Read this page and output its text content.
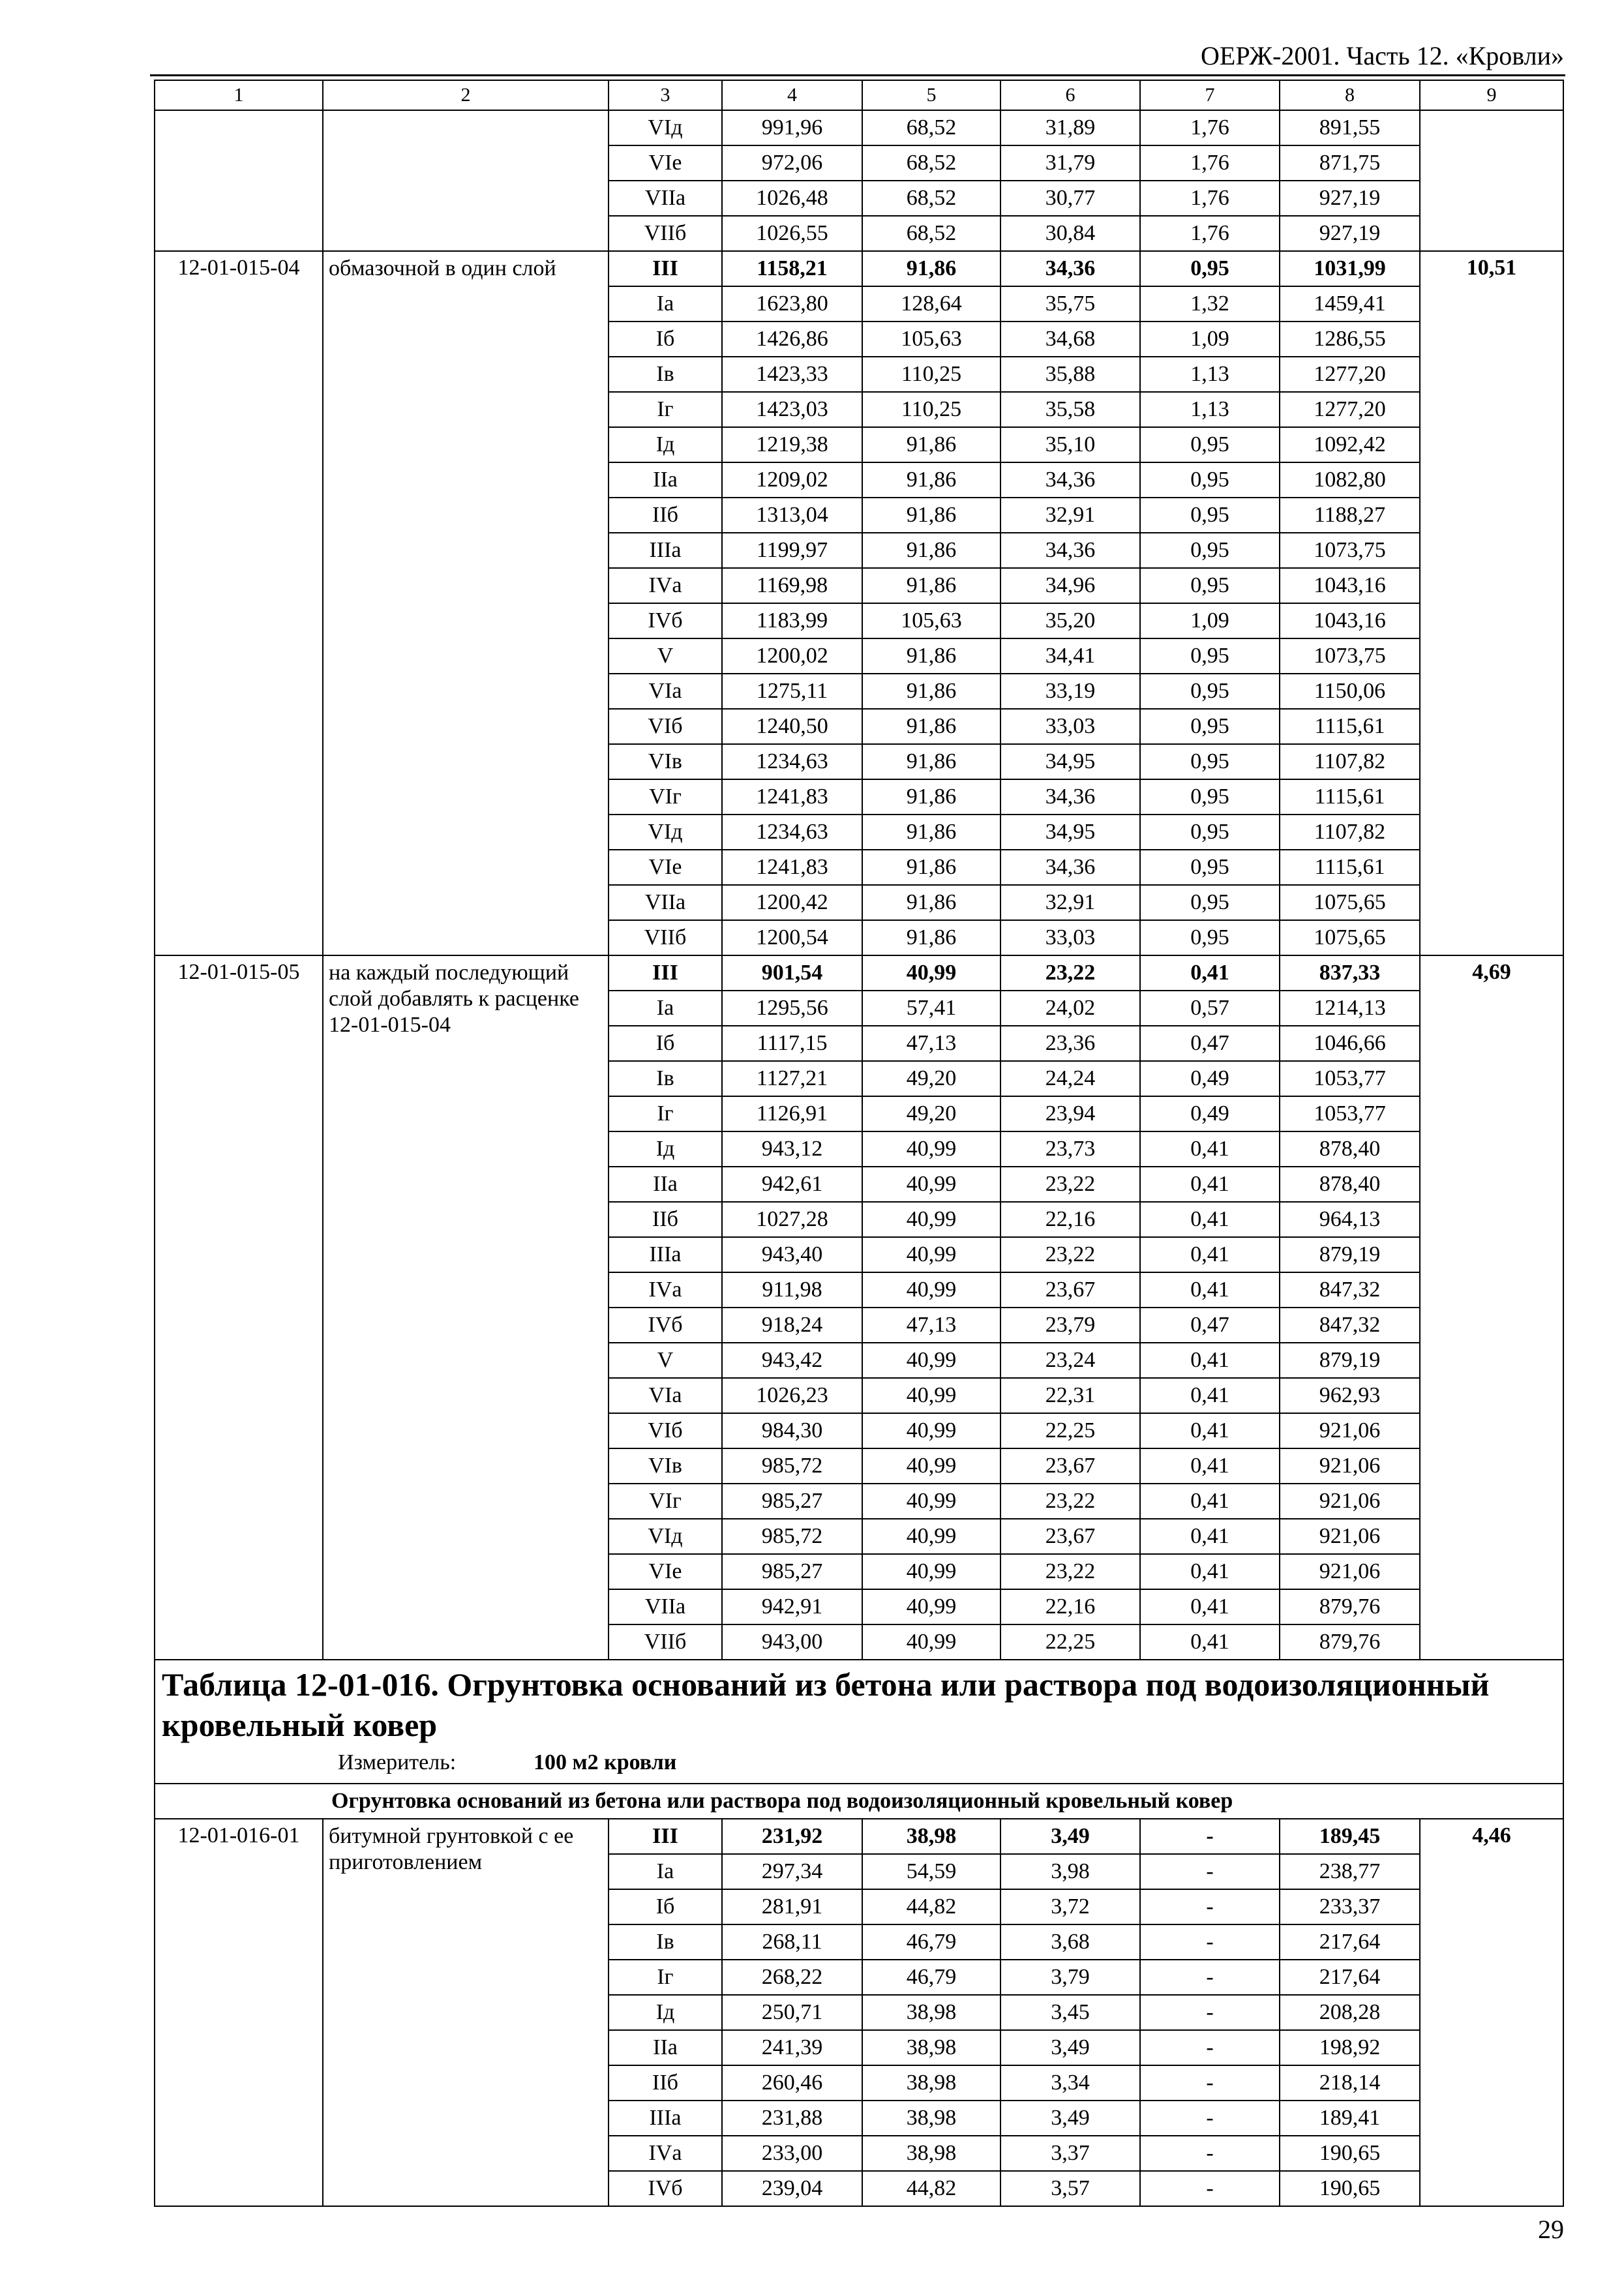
ОЕРЖ-2001. Часть 12. «Кровли»
1	2	3	4	5	6	7	8	9
		VIд	991,96	68,52	31,89	1,76	891,55	
		VIе	972,06	68,52	31,79	1,76	871,75	
		VIIа	1026,48	68,52	30,77	1,76	927,19	
		VIIб	1026,55	68,52	30,84	1,76	927,19	
12-01-015-04	обмазочной в один слой	III	1158,21	91,86	34,36	0,95	1031,99	10,51
		Iа	1623,80	128,64	35,75	1,32	1459,41	
		Iб	1426,86	105,63	34,68	1,09	1286,55	
		Iв	1423,33	110,25	35,88	1,13	1277,20	
		Iг	1423,03	110,25	35,58	1,13	1277,20	
		Iд	1219,38	91,86	35,10	0,95	1092,42	
		IIа	1209,02	91,86	34,36	0,95	1082,80	
		IIб	1313,04	91,86	32,91	0,95	1188,27	
		IIIа	1199,97	91,86	34,36	0,95	1073,75	
		IVа	1169,98	91,86	34,96	0,95	1043,16	
		IVб	1183,99	105,63	35,20	1,09	1043,16	
		V	1200,02	91,86	34,41	0,95	1073,75	
		VIа	1275,11	91,86	33,19	0,95	1150,06	
		VIб	1240,50	91,86	33,03	0,95	1115,61	
		VIв	1234,63	91,86	34,95	0,95	1107,82	
		VIг	1241,83	91,86	34,36	0,95	1115,61	
		VIд	1234,63	91,86	34,95	0,95	1107,82	
		VIе	1241,83	91,86	34,36	0,95	1115,61	
		VIIа	1200,42	91,86	32,91	0,95	1075,65	
		VIIб	1200,54	91,86	33,03	0,95	1075,65	
12-01-015-05	на каждый последующий слой добавлять к расценке 12-01-015-04	III	901,54	40,99	23,22	0,41	837,33	4,69
		Iа	1295,56	57,41	24,02	0,57	1214,13	
		Iб	1117,15	47,13	23,36	0,47	1046,66	
		Iв	1127,21	49,20	24,24	0,49	1053,77	
		Iг	1126,91	49,20	23,94	0,49	1053,77	
		Iд	943,12	40,99	23,73	0,41	878,40	
		IIа	942,61	40,99	23,22	0,41	878,40	
		IIб	1027,28	40,99	22,16	0,41	964,13	
		IIIа	943,40	40,99	23,22	0,41	879,19	
		IVа	911,98	40,99	23,67	0,41	847,32	
		IVб	918,24	47,13	23,79	0,47	847,32	
		V	943,42	40,99	23,24	0,41	879,19	
		VIа	1026,23	40,99	22,31	0,41	962,93	
		VIб	984,30	40,99	22,25	0,41	921,06	
		VIв	985,72	40,99	23,67	0,41	921,06	
		VIг	985,27	40,99	23,22	0,41	921,06	
		VIд	985,72	40,99	23,67	0,41	921,06	
		VIе	985,27	40,99	23,22	0,41	921,06	
		VIIа	942,91	40,99	22,16	0,41	879,76	
		VIIб	943,00	40,99	22,25	0,41	879,76	

Таблица 12-01-016. Огрунтовка оснований из бетона или раствора под водоизоляционный кровельный ковер
Измеритель: 100 м2 кровли								

Огрунтовка оснований из бетона или раствора под водоизоляционный кровельный ковер								
12-01-016-01	битумной грунтовкой с ее приготовлением	III	231,92	38,98	3,49	-	189,45	4,46
		Iа	297,34	54,59	3,98	-	238,77	
		Iб	281,91	44,82	3,72	-	233,37	
		Iв	268,11	46,79	3,68	-	217,64	
		Iг	268,22	46,79	3,79	-	217,64	
		Iд	250,71	38,98	3,45	-	208,28	
		IIа	241,39	38,98	3,49	-	198,92	
		IIб	260,46	38,98	3,34	-	218,14	
		IIIа	231,88	38,98	3,49	-	189,41	
		IVа	233,00	38,98	3,37	-	190,65	
		IVб	239,04	44,82	3,57	-	190,65	
29
